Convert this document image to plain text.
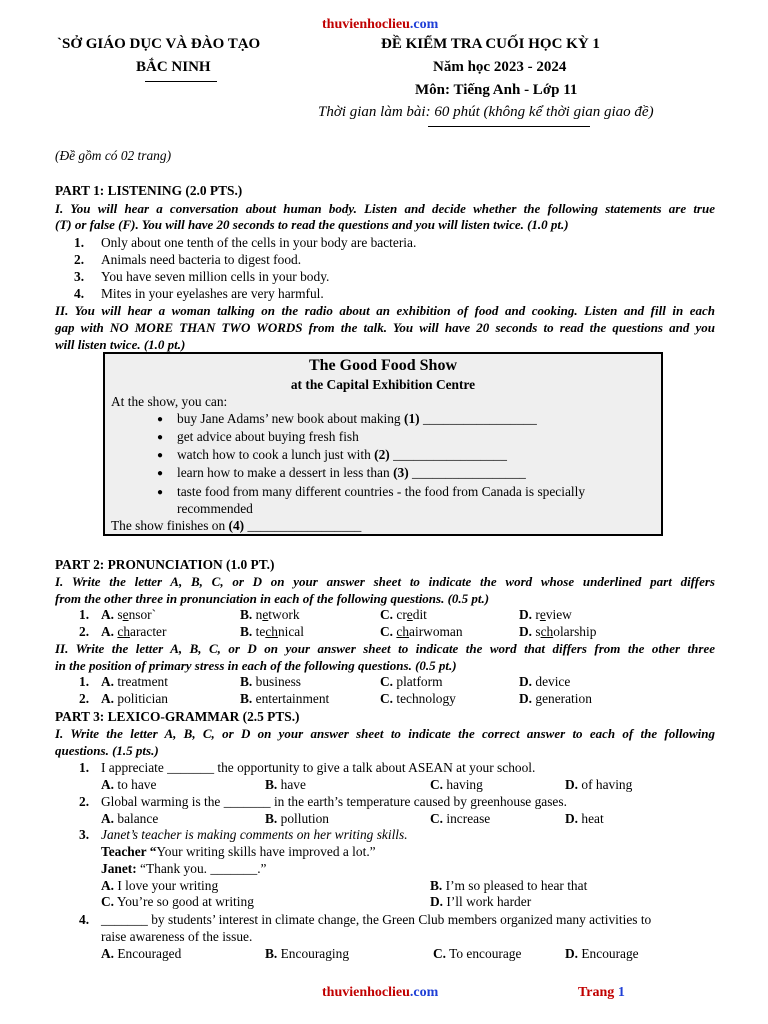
thuvienhoclieu.com
`SỞ GIÁO DỤC VÀ ĐÀO TẠO
BẮC NINH
ĐỀ KIỂM TRA CUỐI HỌC KỲ 1
Năm học 2023 - 2024
Môn: Tiếng Anh - Lớp 11
Thời gian làm bài: 60 phút (không kể thời gian giao đề)
(Đề gồm có 02 trang)
PART 1: LISTENING (2.0 PTS.)
I. You will hear a conversation about human body. Listen and decide whether the following statements are true
(T) or false (F). You will have 20 seconds to read the questions and you will listen twice. (1.0 pt.)
1. Only about one tenth of the cells in your body are bacteria.
2. Animals need bacteria to digest food.
3. You have seven million cells in your body.
4. Mites in your eyelashes are very harmful.
II. You will hear a woman talking on the radio about an exhibition of food and cooking. Listen and fill in each
gap with NO MORE THAN TWO WORDS from the talk. You will have 20 seconds to read the questions and you
will listen twice. (1.0 pt.)
The Good Food Show
at the Capital Exhibition Centre
At the show, you can:
● buy Jane Adams’ new book about making (1) _________________
● get advice about buying fresh fish
● watch how to cook a lunch just with (2) _________________
● learn how to make a dessert in less than (3) _________________
● taste food from many different countries - the food from Canada is specially
recommended
The show finishes on (4) _________________
PART 2: PRONUNCIATION (1.0 PT.)
I. Write the letter A, B, C, or D on your answer sheet to indicate the word whose underlined part differs
from the other three in pronunciation in each of the following questions. (0.5 pt.)
1. A. sensor`	B. network	C. credit	D. review
2. A. character	B. technical	C. chairwoman	D. scholarship
II. Write the letter A, B, C, or D on your answer sheet to indicate the word that differs from the other three
in the position of primary stress in each of the following questions. (0.5 pt.)
1. A. treatment	B. business	C. platform	D. device
2. A. politician	B. entertainment	C. technology	D. generation
PART 3: LEXICO-GRAMMAR (2.5 PTS.)
I. Write the letter A, B, C, or D on your answer sheet to indicate the correct answer to each of the following
questions. (1.5 pts.)
1. I appreciate _______ the opportunity to give a talk about ASEAN at your school.
A. to have	B. have	C. having	D. of having
2. Global warming is the _______ in the earth’s temperature caused by greenhouse gases.
A. balance	B. pollution	C. increase	D. heat
3. Janet’s teacher is making comments on her writing skills.
Teacher “Your writing skills have improved a lot.”
Janet: “Thank you. _______.”
A. I love your writing	B. I’m so pleased to hear that
C. You’re so good at writing	D. I’ll work harder
4. _______ by students’ interest in climate change, the Green Club members organized many activities to
raise awareness of the issue.
A. Encouraged	B. Encouraging	C. To encourage	D. Encourage
thuvienhoclieu.com	Trang 1
